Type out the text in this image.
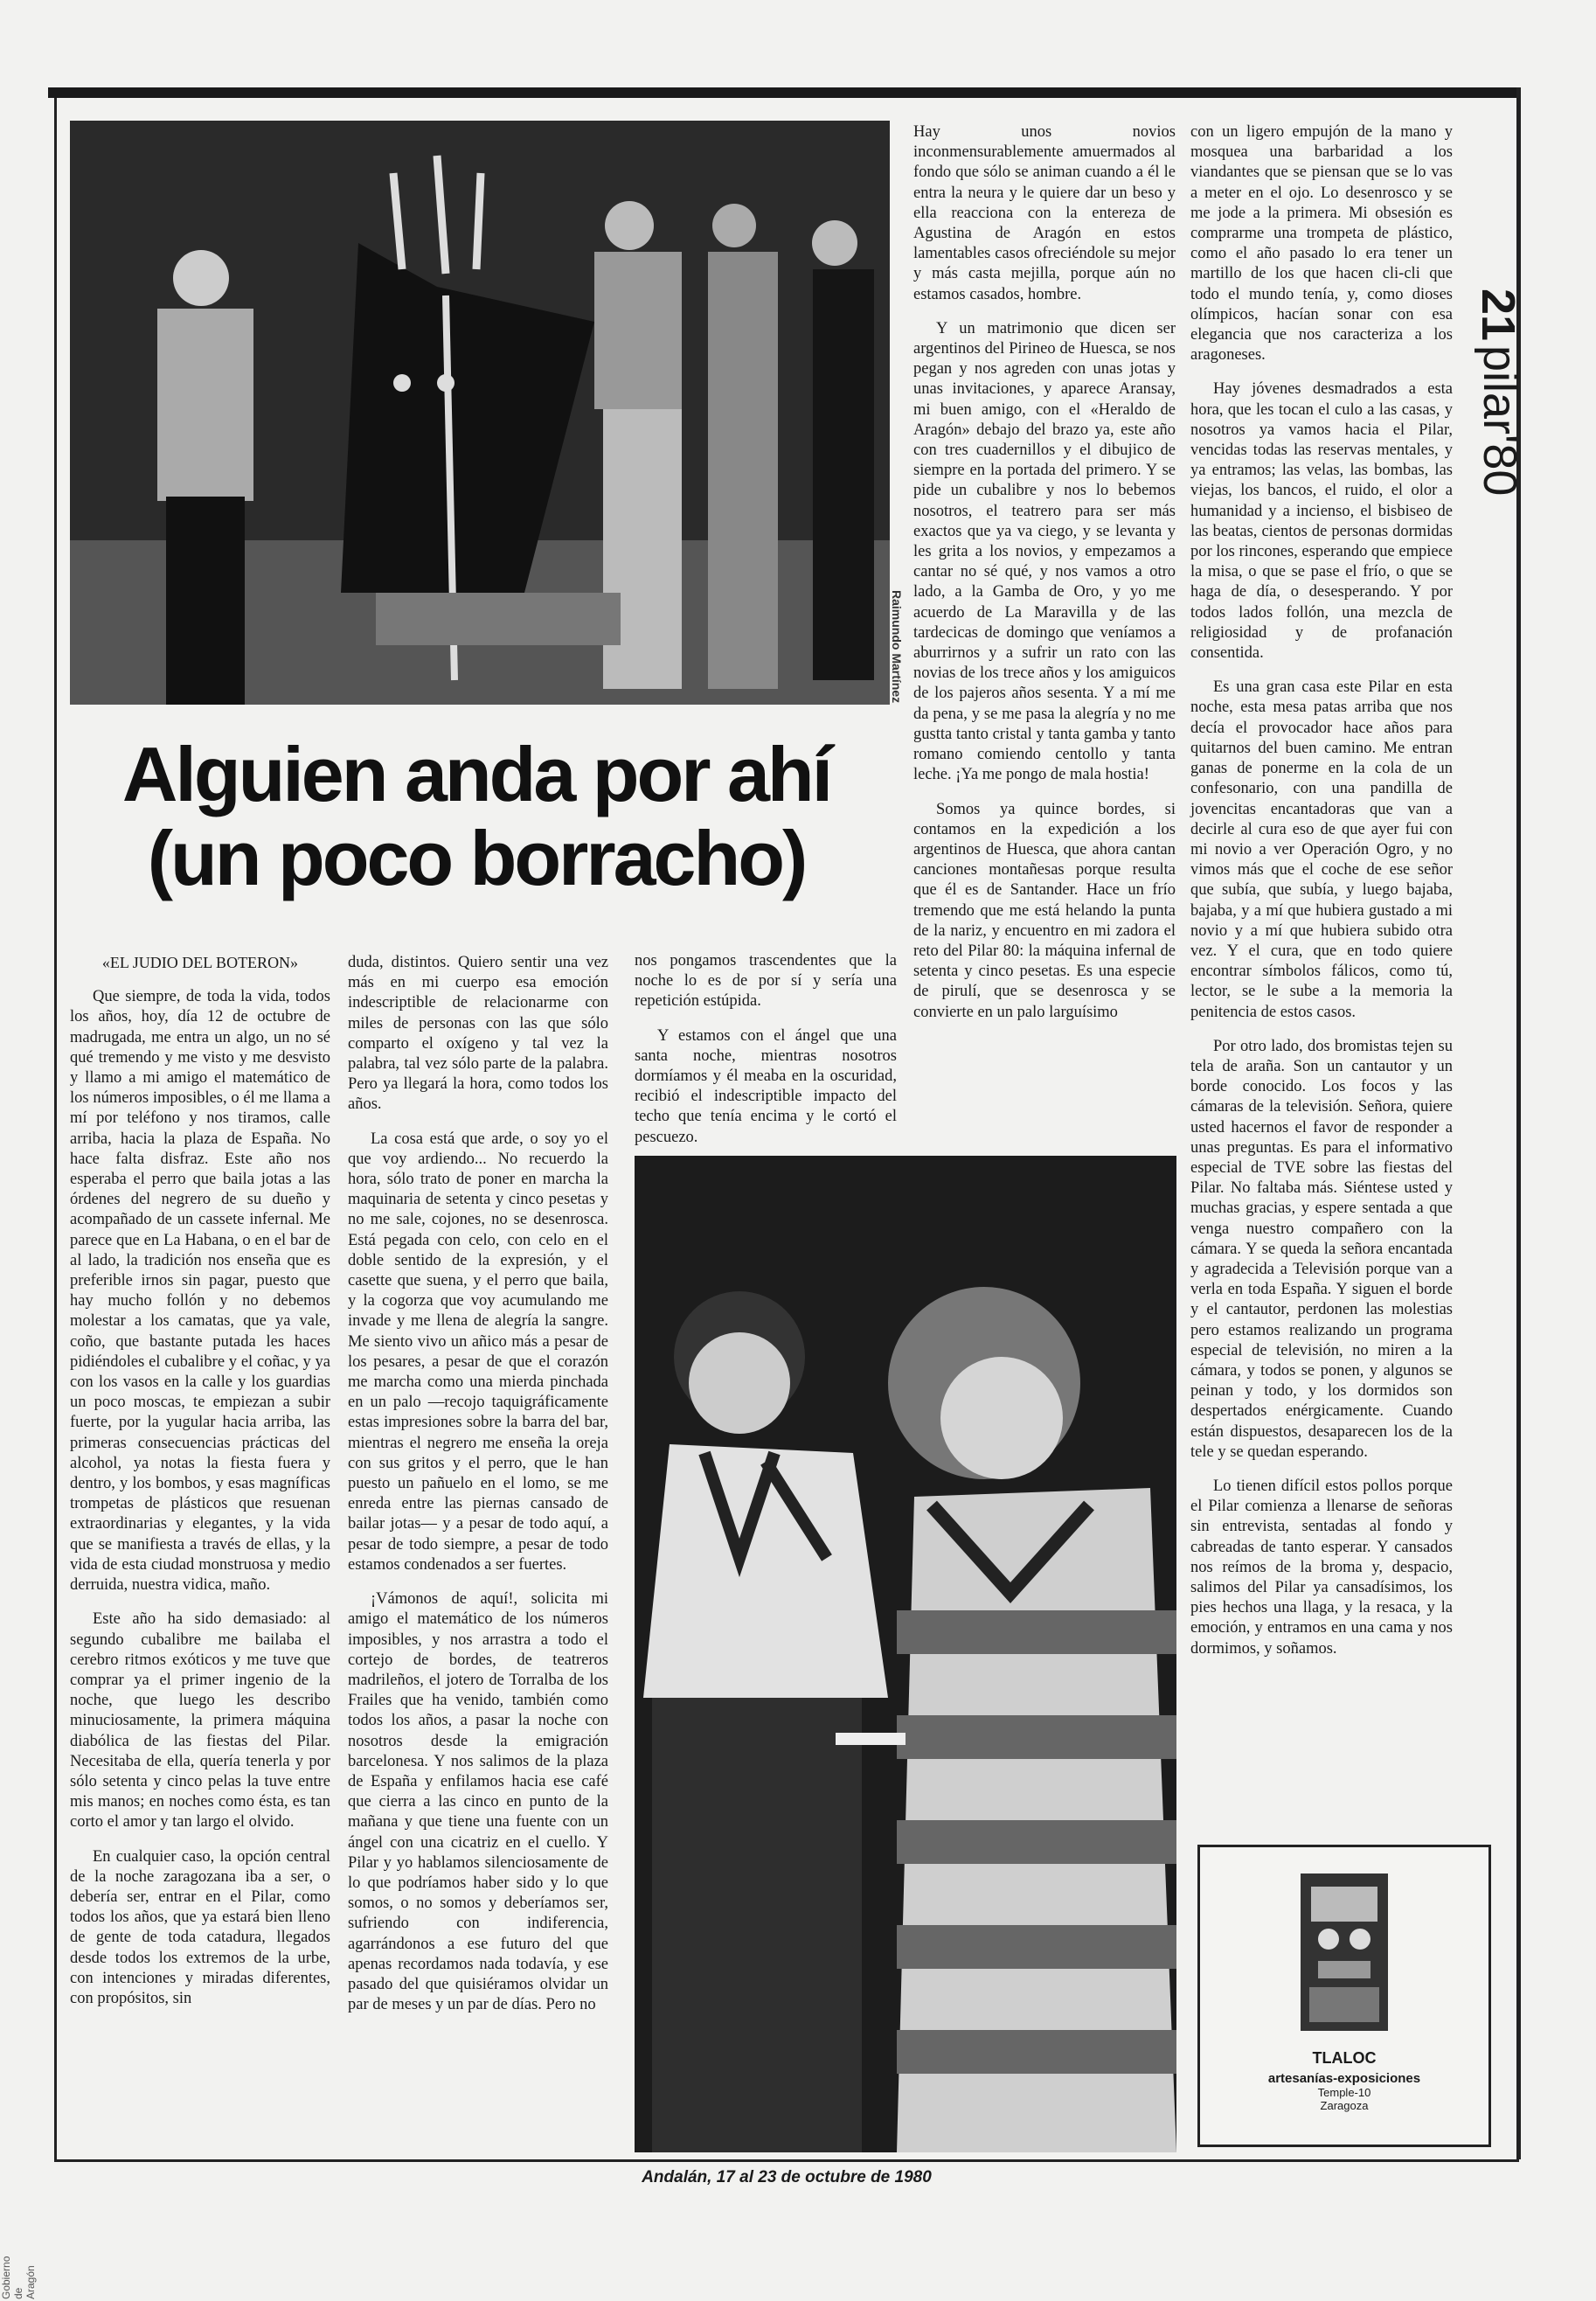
Raimundo Martínez
Alguien anda por ahí (un poco borracho)
«EL JUDIO DEL BOTERON»

Que siempre, de toda la vida, todos los años, hoy, día 12 de octubre de madrugada, me entra un algo, un no sé qué tremendo y me visto y me desvisto y llamo a mi amigo el matemático de los números imposibles, o él me llama a mí por teléfono y nos tiramos, calle arriba, hacia la plaza de España. No hace falta disfraz. Este año nos esperaba el perro que baila jotas a las órdenes del negrero de su dueño y acompañado de un cassete infernal. Me parece que en La Habana, o en el bar de al lado, la tradición nos enseña que es preferible irnos sin pagar, puesto que hay mucho follón y no debemos molestar a los camatas, que ya vale, coño, que bastante putada les haces pidiéndoles el cubalibre y el coñac, y ya con los vasos en la calle y los guardias un poco moscas, te empiezan a subir fuerte, por la yugular hacia arriba, las primeras consecuencias prácticas del alcohol, ya notas la fiesta fuera y dentro, y los bombos, y esas magníficas trompetas de plásticos que resuenan extraordinarias y elegantes, y la vida que se manifiesta a través de ellas, y la vida de esta ciudad monstruosa y medio derruida, nuestra vidica, maño.

Este año ha sido demasiado: al segundo cubalibre me bailaba el cerebro ritmos exóticos y me tuve que comprar ya el primer ingenio de la noche, que luego les describo minuciosamente, la primera máquina diabólica de las fiestas del Pilar. Necesitaba de ella, quería tenerla y por sólo setenta y cinco pelas la tuve entre mis manos; en noches como ésta, es tan corto el amor y tan largo el olvido.

En cualquier caso, la opción central de la noche zaragozana iba a ser, o debería ser, entrar en el Pilar, como todos los años, que ya estará bien lleno de gente de toda catadura, llegados desde todos los extremos de la urbe, con intenciones y miradas diferentes, con propósitos, sin

duda, distintos. Quiero sentir una vez más en mi cuerpo esa emoción indescriptible de relacionarme con miles de personas con las que sólo comparto el oxígeno y tal vez la palabra, tal vez sólo parte de la palabra. Pero ya llegará la hora, como todos los años.

La cosa está que arde, o soy yo el que voy ardiendo... No recuerdo la hora, sólo trato de poner en marcha la maquinaria de setenta y cinco pesetas y no me sale, cojones, no se desenrosca. Está pegada con celo, con celo en el doble sentido de la expresión, y el casette que suena, y el perro que baila, y la cogorza que voy acumulando me invade y me llena de alegría la sangre. Me siento vivo un añico más a pesar de los pesares, a pesar de que el corazón me marcha como una mierda pinchada en un palo —recojo taquigráficamente estas impresiones sobre la barra del bar, mientras el negrero me enseña la oreja con sus gritos y el perro, que le han puesto un pañuelo en el lomo, se me enreda entre las piernas cansado de bailar jotas— y a pesar de todo aquí, a pesar de todo siempre, a pesar de todo estamos condenados a ser fuertes.

¡Vámonos de aquí!, solicita mi amigo el matemático de los números imposibles, y nos arrastra a todo el cortejo de bordes, de teatreros madrileños, el jotero de Torralba de los Frailes que ha venido, también como todos los años, a pasar la noche con nosotros desde la emigración barcelonesa. Y nos salimos de la plaza de España y enfilamos hacia ese café que cierra a las cinco en punto de la mañana y que tiene una fuente con un ángel con una cicatriz en el cuello. Y Pilar y yo hablamos silenciosamente de lo que podríamos haber sido y lo que somos, o no somos y deberíamos ser, sufriendo con indiferencia, agarrándonos a ese futuro del que apenas recordamos nada todavía, y ese pasado del que quisiéramos olvidar un par de meses y un par de días. Pero no

nos pongamos trascendentes que la noche lo es de por sí y sería una repetición estúpida.

Y estamos con el ángel que una santa noche, mientras nosotros dormíamos y él meaba en la oscuridad, recibió el indescriptible impacto del techo que tenía encima y le cortó el pescuezo.

Hay unos novios inconmensurablemente amuermados al fondo que sólo se animan cuando a él le entra la neura y le quiere dar un beso y ella reacciona con la entereza de Agustina de Aragón en estos lamentables casos ofreciéndole su mejor y más casta mejilla, porque aún no estamos casados, hombre.

Y un matrimonio que dicen ser argentinos del Pirineo de Huesca, se nos pegan y nos agreden con unas jotas y unas invitaciones, y aparece Aransay, mi buen amigo, con el «Heraldo de Aragón» debajo del brazo ya, este año con tres cuadernillos y el dibujico de siempre en la portada del primero. Y se pide un cubalibre y nos lo bebemos nosotros, el teatrero para ser más exactos que ya va ciego, y se levanta y les grita a los novios, y empezamos a cantar no sé qué, y nos vamos a otro lado, a la Gamba de Oro, y yo me acuerdo de La Maravilla y de las tardecicas de domingo que veníamos a aburrirnos y a sufrir un rato con las novias de los trece años y los amiguicos de los pajeros años sesenta. Y a mí me da pena, y se me pasa la alegría y no me gustta tanto cristal y tanta gamba y tanto romano comiendo centollo y tanta leche. ¡Ya me pongo de mala hostia!

Somos ya quince bordes, si contamos en la expedición a los argentinos de Huesca, que ahora cantan canciones montañesas porque resulta que él es de Santander. Hace un frío tremendo que me está helando la punta de la nariz, y encuentro en mi zadora el reto del Pilar 80: la máquina infernal de setenta y cinco pesetas. Es una especie de pirulí, que se desenrosca y se convierte en un palo larguísimo

con un ligero empujón de la mano y mosquea una barbaridad a los viandantes que se piensan que se lo vas a meter en el ojo. Lo desenrosco y se me jode a la primera. Mi obsesión es comprarme una trompeta de plástico, como el año pasado lo era tener un martillo de los que hacen cli-cli que todo el mundo tenía, y, como dioses olímpicos, hacían sonar con esa elegancia que nos caracteriza a los aragoneses.

Hay jóvenes desmadrados a esta hora, que les tocan el culo a las casas, y nosotros ya vamos hacia el Pilar, vencidas todas las reservas mentales, y ya entramos; las velas, las bombas, las viejas, los bancos, el ruido, el olor a humanidad y a incienso, el bisbiseo de las beatas, cientos de personas dormidas por los rincones, esperando que empiece la misa, o que se pase el frío, o que se haga de día, o desesperando. Y por todos lados follón, una mezcla de religiosidad y de profanación consentida.

Es una gran casa este Pilar en esta noche, esta mesa patas arriba que nos decía el provocador hace años para quitarnos del buen camino. Me entran ganas de ponerme en la cola de un confesonario, con una pandilla de jovencitas encantadoras que van a decirle al cura eso de que ayer fui con mi novio a ver Operación Ogro, y no vimos más que el coche de ese señor que subía, que subía, y luego bajaba, bajaba, y a mí que hubiera gustado a mi novio y a mí que hubiera subido otra vez. Y el cura, que en todo quiere encontrar símbolos fálicos, como tú, lector, se le sube a la memoria la penitencia de estos casos.

Por otro lado, dos bromistas tejen su tela de araña. Son un cantautor y un borde conocido. Los focos y las cámaras de la televisión. Señora, quiere usted hacernos el favor de responder a unas preguntas. Es para el informativo especial de TVE sobre las fiestas del Pilar. No faltaba más. Siéntese usted y muchas gracias, y espere sentada a que venga nuestro compañero con la cámara. Y se queda la señora encantada y agradecida a Televisión porque van a verla en toda España. Y siguen el borde y el cantautor, perdonen las molestias pero estamos realizando un programa especial de televisión, no miren a la cámara, y todos se ponen, y algunos se peinan y todo, y los dormidos son despertados enérgicamente. Cuando están dispuestos, desaparecen los de la tele y se quedan esperando.

Lo tienen difícil estos pollos porque el Pilar comienza a llenarse de señoras sin entrevista, sentadas al fondo y cabreadas de tanto esperar. Y cansados nos reímos de la broma y, despacio, salimos del Pilar ya cansadísimos, los pies hechos una llaga, y la resaca, y la emoción, y entramos en una cama y nos dormimos, y soñamos.

21
pilar'80
TLALOC
artesanías-exposiciones
Temple-10
Zaragoza
Andalán, 17 al 23 de octubre de 1980
Gobierno de Aragón
